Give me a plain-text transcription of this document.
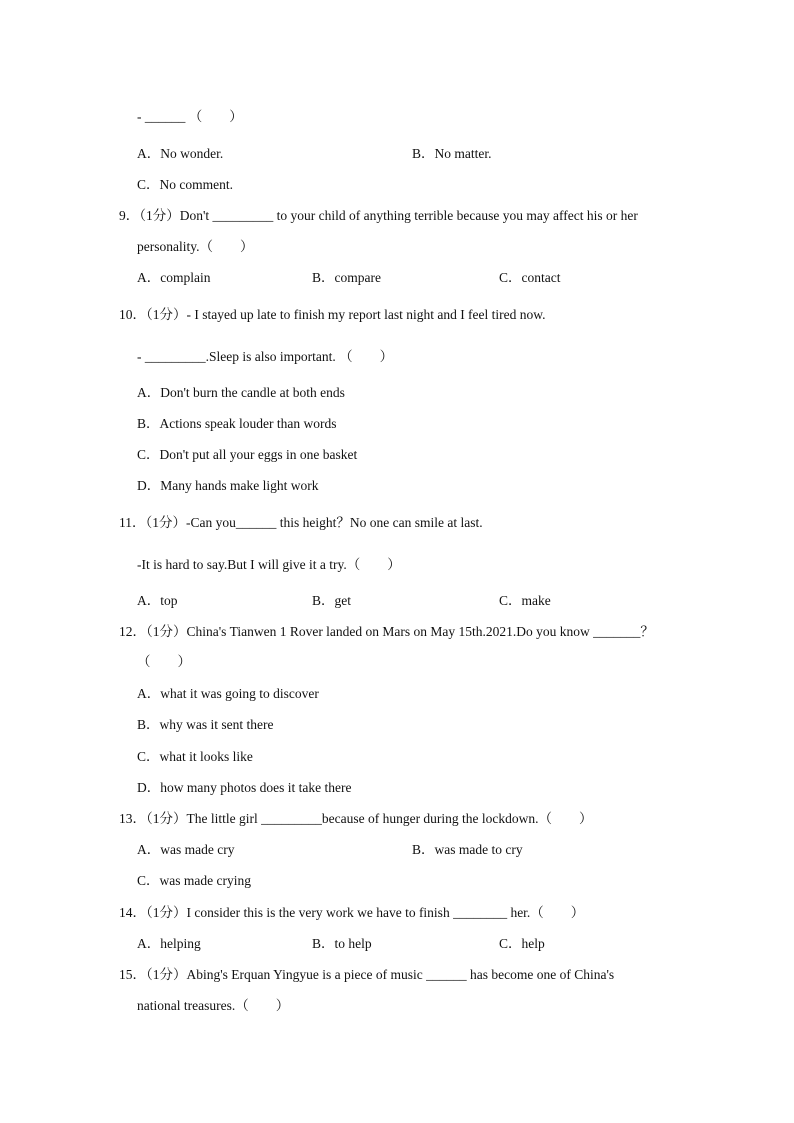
- ______ （　　）
A．No wonder.	B．No matter.
C．No comment.
9．（1分）Don't _________ to your child of anything terrible because you may affect his or her
personality.（　　）
A．complain	B．compare	C．contact
10．（1分）- I stayed up late to finish my report last night and I feel tired now.
- _________.Sleep is also important. （　　）
A．Don't burn the candle at both ends
B．Actions speak louder than words
C．Don't put all your eggs in one basket
D．Many hands make light work
11．（1分）-Can you______ this height？No one can smile at last.
-It is hard to say.But I will give it a try.（　　）
A．top	B．get	C．make
12．（1分）China's Tianwen 1 Rover landed on Mars on May 15th.2021.Do you know _______？
（　　）
A．what it was going to discover
B．why was it sent there
C．what it looks like
D．how many photos does it take there
13．（1分）The little girl _________because of hunger during the lockdown.（　　）
A．was made cry	B．was made to cry
C．was made crying
14．（1分）I consider this is the very work we have to finish ________ her.（　　）
A．helping	B．to help	C．help
15．（1分）Abing's Erquan Yingyue is a piece of music ______ has become one of China's
national treasures.（　　）
